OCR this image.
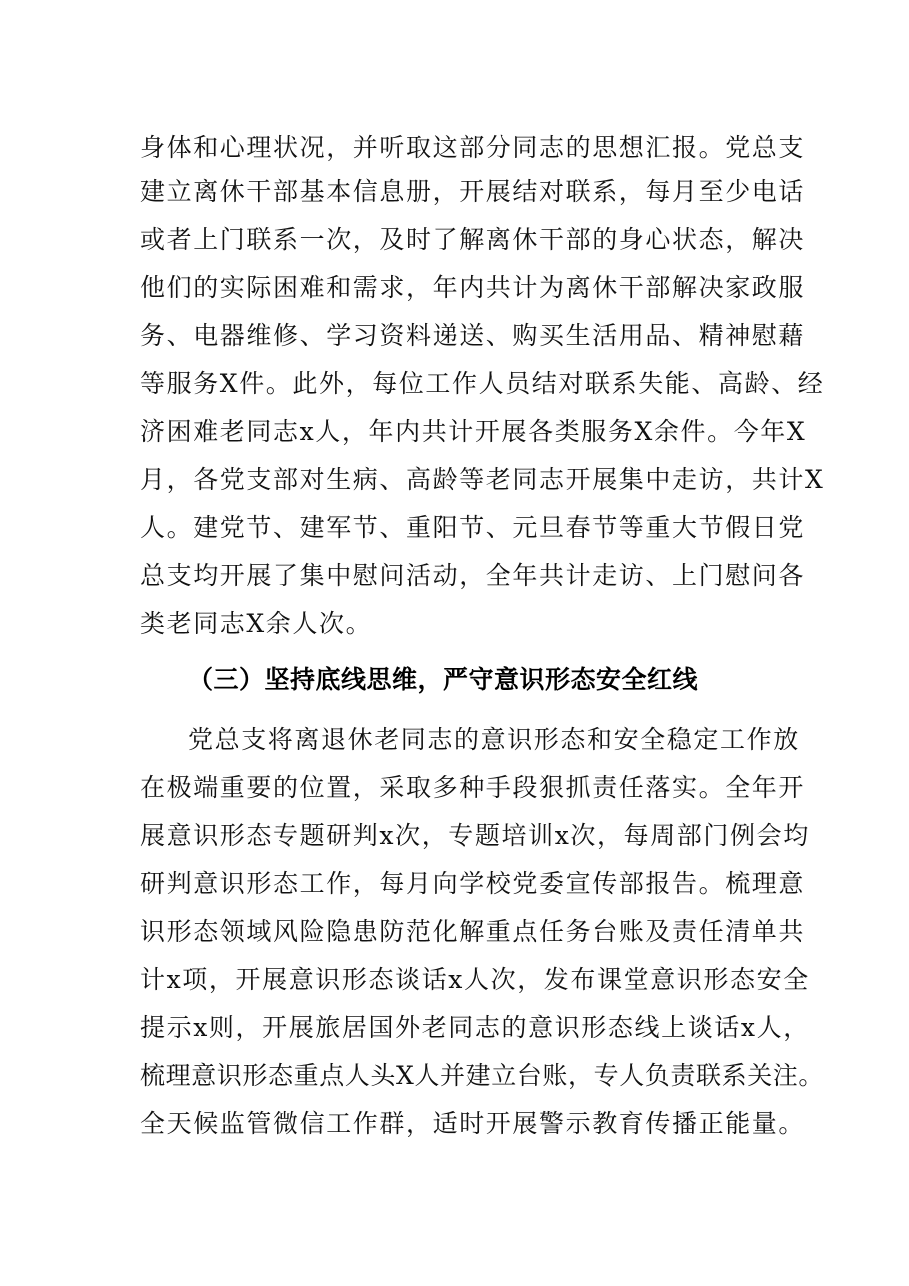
身体和心理状况，并听取这部分同志的思想汇报。党总支
建立离休干部基本信息册，开展结对联系，每月至少电话
或者上门联系一次，及时了解离休干部的身心状态，解决
他们的实际困难和需求，年内共计为离休干部解决家政服
务、电器维修、学习资料递送、购买生活用品、精神慰藉
等服务X件。此外，每位工作人员结对联系失能、高龄、经
济困难老同志x人，年内共计开展各类服务X余件。今年X
月，各党支部对生病、高龄等老同志开展集中走访，共计X
人。建党节、建军节、重阳节、元旦春节等重大节假日党
总支均开展了集中慰问活动，全年共计走访、上门慰问各
类老同志X余人次。
（三）坚持底线思维，严守意识形态安全红线
党总支将离退休老同志的意识形态和安全稳定工作放
在极端重要的位置，采取多种手段狠抓责任落实。全年开
展意识形态专题研判x次，专题培训x次，每周部门例会均
研判意识形态工作，每月向学校党委宣传部报告。梳理意
识形态领域风险隐患防范化解重点任务台账及责任清单共
计x项，开展意识形态谈话x人次，发布课堂意识形态安全
提示x则，开展旅居国外老同志的意识形态线上谈话x人，
梳理意识形态重点人头X人并建立台账，专人负责联系关注。
全天候监管微信工作群，适时开展警示教育传播正能量。
